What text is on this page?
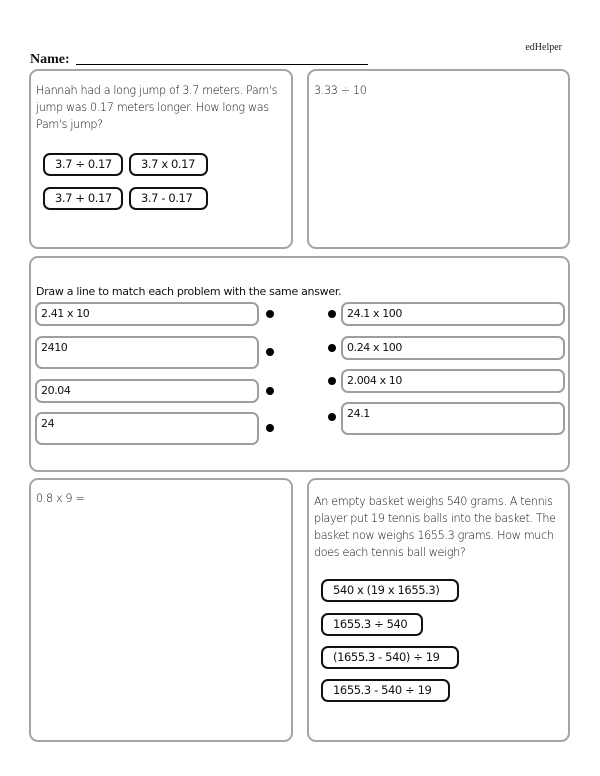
edHelper
Name:
Hannah had a long jump of 3.7 meters. Pam's jump was 0.17 meters longer. How long was Pam's jump?
3.7 ÷ 0.17	3.7 x 0.17
3.7 + 0.17	3.7 - 0.17
3.33 ÷ 10
Draw a line to match each problem with the same answer.
2.41 x 10
2410
20.04
24
24.1 x 100
0.24 x 100
2.004 x 10
24.1
0.8 x 9 =	An empty basket weighs 540 grams. A tennis player put 19 tennis balls into the basket. The basket now weighs 1655.3 grams. How much does each tennis ball weigh?
540 x (19 x 1655.3)
1655.3 ÷ 540
(1655.3 - 540) ÷ 19
1655.3 - 540 ÷ 19
